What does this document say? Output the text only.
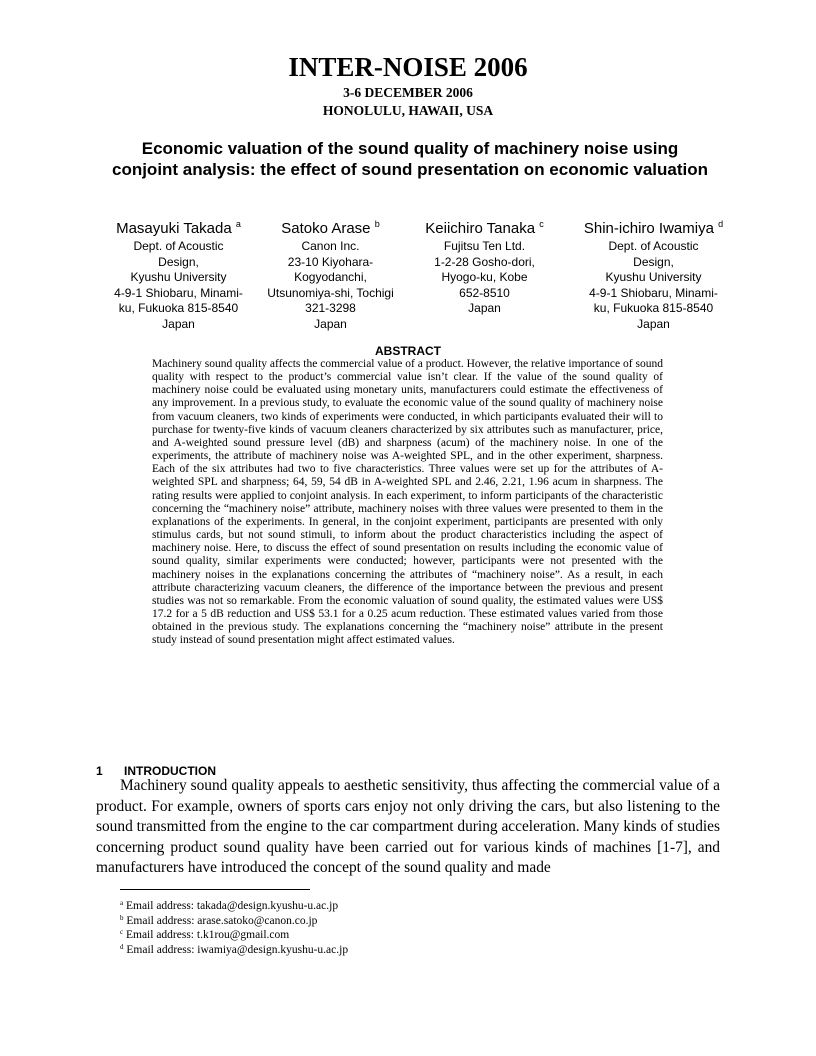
INTER-NOISE 2006
3-6 DECEMBER 2006
HONOLULU, HAWAII, USA
Economic valuation of the sound quality of machinery noise using conjoint analysis: the effect of sound presentation on economic valuation
Masayuki Takada $^a$
Dept. of Acoustic
Design,
Kyushu University
4-9-1 Shiobaru, Minami-
ku, Fukuoka 815-8540
Japan
Satoko Arase $^b$
Canon Inc.
23-10 Kiyohara-
Kogyodanchi,
Utsunomiya-shi, Tochigi
321-3298
Japan
Keiichiro Tanaka $^c$
Fujitsu Ten Ltd.
1-2-28 Gosho-dori,
Hyogo-ku, Kobe
652-8510
Japan
Shin-ichiro Iwamiya $^d$
Dept. of Acoustic
Design,
Kyushu University
4-9-1 Shiobaru, Minami-
ku, Fukuoka 815-8540
Japan
ABSTRACT
Machinery sound quality affects the commercial value of a product. However, the relative importance of sound quality with respect to the product’s commercial value isn’t clear. If the value of the sound quality of machinery noise could be evaluated using monetary units, manufacturers could estimate the effectiveness of any improvement. In a previous study, to evaluate the economic value of the sound quality of machinery noise from vacuum cleaners, two kinds of experiments were conducted, in which participants evaluated their will to purchase for twenty-five kinds of vacuum cleaners characterized by six attributes such as manufacturer, price, and A-weighted sound pressure level (dB) and sharpness (acum) of the machinery noise. In one of the experiments, the attribute of machinery noise was A-weighted SPL, and in the other experiment, sharpness. Each of the six attributes had two to five characteristics. Three values were set up for the attributes of A-weighted SPL and sharpness; 64, 59, 54 dB in A-weighted SPL and 2.46, 2.21, 1.96 acum in sharpness. The rating results were applied to conjoint analysis. In each experiment, to inform participants of the characteristic concerning the “machinery noise” attribute, machinery noises with three values were presented to them in the explanations of the experiments. In general, in the conjoint experiment, participants are presented with only stimulus cards, but not sound stimuli, to inform about the product characteristics including the aspect of machinery noise. Here, to discuss the effect of sound presentation on results including the economic value of sound quality, similar experiments were conducted; however, participants were not presented with the machinery noises in the explanations concerning the attributes of “machinery noise”. As a result, in each attribute characterizing vacuum cleaners, the difference of the importance between the previous and present studies was not so remarkable. From the economic valuation of sound quality, the estimated values were US$ 17.2 for a 5 dB reduction and US$ 53.1 for a 0.25 acum reduction. These estimated values varied from those obtained in the previous study. The explanations concerning the “machinery noise” attribute in the present study instead of sound presentation might affect estimated values.
1 INTRODUCTION
Machinery sound quality appeals to aesthetic sensitivity, thus affecting the commercial value of a product. For example, owners of sports cars enjoy not only driving the cars, but also listening to the sound transmitted from the engine to the car compartment during acceleration. Many kinds of studies concerning product sound quality have been carried out for various kinds of machines [1-7], and manufacturers have introduced the concept of the sound quality and made
$^a$ Email address: takada@design.kyushu-u.ac.jp
$^b$ Email address: arase.satoko@canon.co.jp
$^c$ Email address: t.k1rou@gmail.com
$^d$ Email address: iwamiya@design.kyushu-u.ac.jp
